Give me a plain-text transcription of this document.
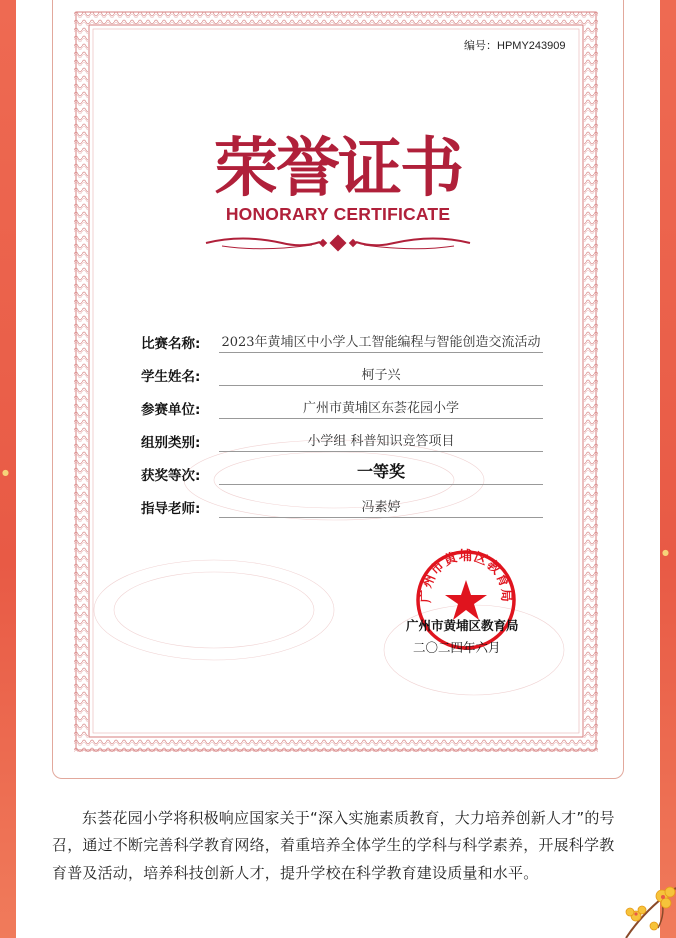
●
●
编号：HPMY243909
荣誉证书
HONORARY CERTIFICATE
比赛名称: 2023年黄埔区中小学人工智能编程与智能创造交流活动
学生姓名:	柯子兴
参赛单位:	广州市黄埔区东荟花园小学
组别类别:	小学组 科普知识竞答项目
获奖等次:	一等奖
指导老师:	冯素婷
广州市黄埔区教育局
广州市黄埔区教育局
二〇二四年六月

东荟花园小学将积极响应国家关于“深入实施素质教育，大力培养创新人才”的号召，通过不断完善科学教育网络，着重培养全体学生的学科与科学素养，开展科学教育普及活动，培养科技创新人才，提升学校在科学教育建设质量和水平。
